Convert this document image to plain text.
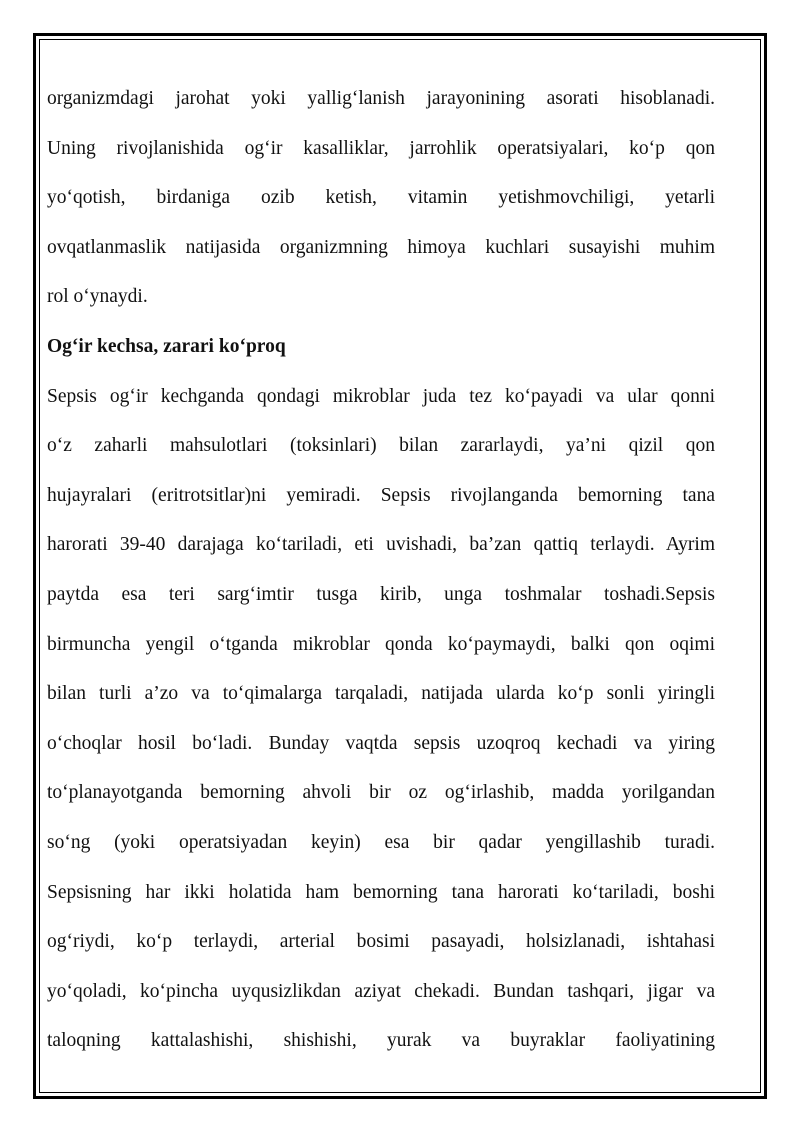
organizmdagi jarohat yoki yallig‘lanish jarayonining asorati hisoblanadi.
Uning rivojlanishida og‘ir kasalliklar, jarrohlik operatsiyalari, ko‘p qon
yo‘qotish, birdaniga ozib ketish, vitamin yetishmovchiligi, yetarli
ovqatlanmaslik natijasida organizmning himoya kuchlari susayishi muhim
rol o‘ynaydi.
Og‘ir kechsa, zarari ko‘proq
Sepsis og‘ir kechganda qondagi mikroblar juda tez ko‘payadi va ular qonni
o‘z zaharli mahsulotlari (toksinlari) bilan zararlaydi, ya’ni qizil qon
hujayralari (eritrotsitlar)ni yemiradi. Sepsis rivojlanganda bemorning tana
harorati 39-40 darajaga ko‘tariladi, eti uvishadi, ba’zan qattiq terlaydi. Ayrim
paytda esa teri sarg‘imtir tusga kirib, unga toshmalar toshadi.Sepsis
birmuncha yengil o‘tganda mikroblar qonda ko‘paymaydi, balki qon oqimi
bilan turli a’zo va to‘qimalarga tarqaladi, natijada ularda ko‘p sonli yiringli
o‘choqlar hosil bo‘ladi. Bunday vaqtda sepsis uzoqroq kechadi va yiring
to‘planayotganda bemorning ahvoli bir oz og‘irlashib, madda yorilgandan
so‘ng (yoki operatsiyadan keyin) esa bir qadar yengillashib turadi.
Sepsisning har ikki holatida ham bemorning tana harorati ko‘tariladi, boshi
og‘riydi, ko‘p terlaydi, arterial bosimi pasayadi, holsizlanadi, ishtahasi
yo‘qoladi, ko‘pincha uyqusizlikdan aziyat chekadi. Bundan tashqari, jigar va
taloqning kattalashishi, shishishi, yurak va buyraklar faoliyatining
